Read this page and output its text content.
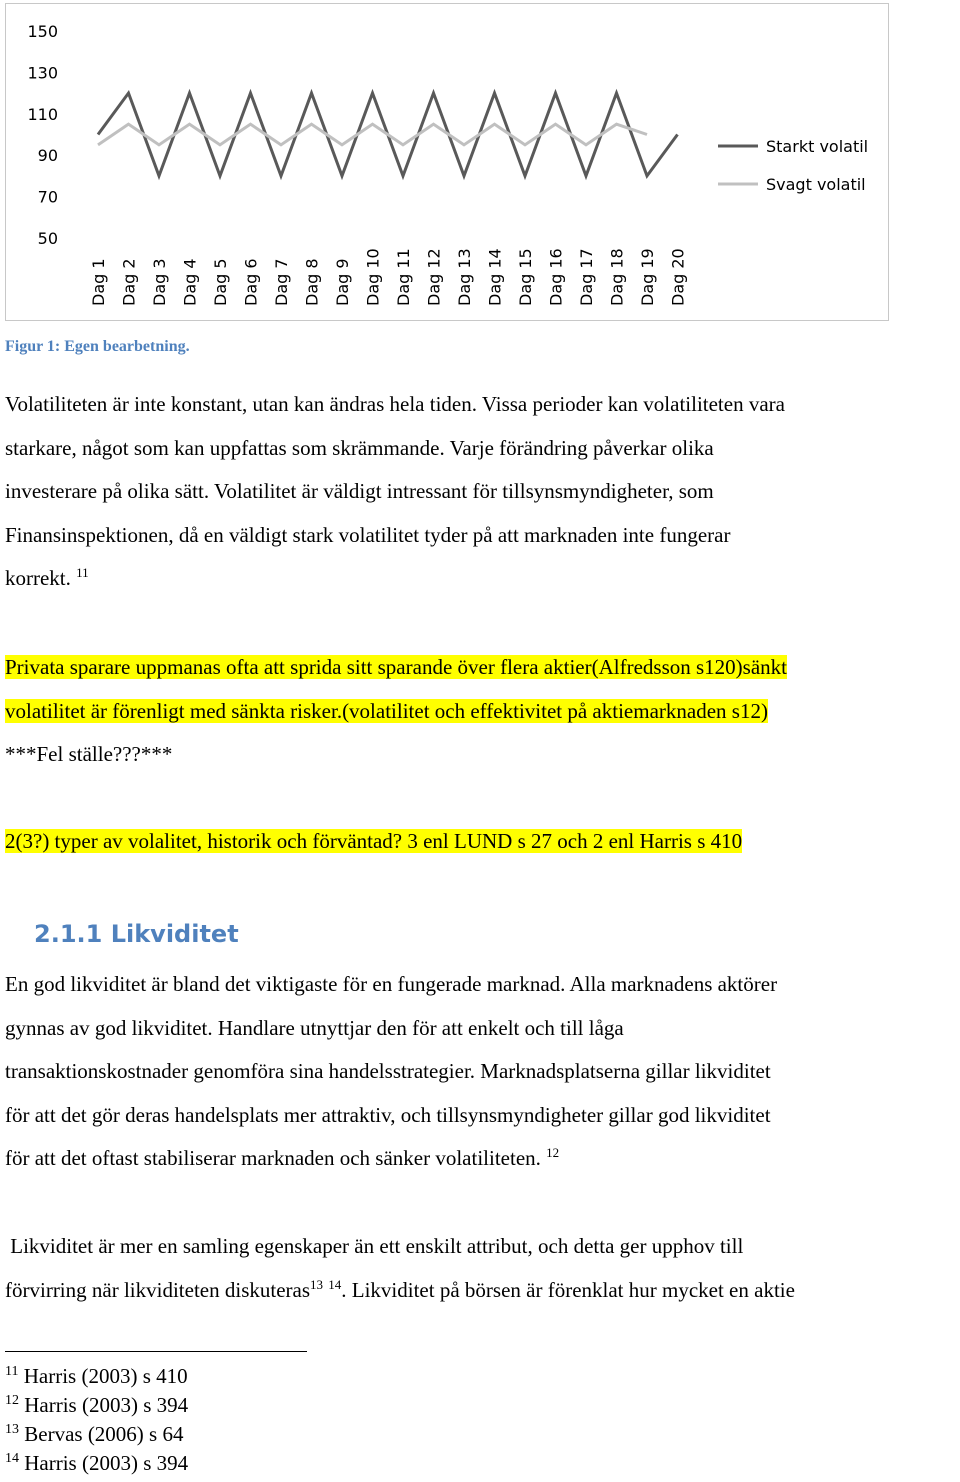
50
70
90
110
130
150
Dag 1 Dag 2 Dag 3 Dag 4 Dag 5 Dag 6 Dag 7 Dag 8 Dag 9 Dag 10 Dag 11 Dag 12 Dag 13 Dag 14 Dag 15 Dag 16 Dag 17 Dag 18 Dag 19 Dag 20
Starkt volatil
Svagt volatil
Figur 1: Egen bearbetning.
Volatiliteten är inte konstant, utan kan ändras hela tiden. Vissa perioder kan volatiliteten vara
starkare, något som kan uppfattas som skrämmande. Varje förändring påverkar olika
investerare på olika sätt. Volatilitet är väldigt intressant för tillsynsmyndigheter, som
Finansinspektionen, då en väldigt stark volatilitet tyder på att marknaden inte fungerar
korrekt. $^{11}$
Privata sparare uppmanas ofta att sprida sitt sparande över flera aktier(Alfredsson s120)sänkt
volatilitet är förenligt med sänkta risker.(volatilitet och effektivitet på aktiemarknaden s12)
***Fel ställe???***
2(3?) typer av volalitet, historik och förväntad? 3 enl LUND s 27 och 2 enl Harris s 410
2.1.1 Likviditet
En god likviditet är bland det viktigaste för en fungerade marknad. Alla marknadens aktörer
gynnas av god likviditet. Handlare utnyttjar den för att enkelt och till låga
transaktionskostnader genomföra sina handelsstrategier. Marknadsplatserna gillar likviditet
för att det gör deras handelsplats mer attraktiv, och tillsynsmyndigheter gillar god likviditet
för att det oftast stabiliserar marknaden och sänker volatiliteten. $^{12}$
Likviditet är mer en samling egenskaper än ett enskilt attribut, och detta ger upphov till
förvirring när likviditeten diskuteras$^{13}$ $^{14}$. Likviditet på börsen är förenklat hur mycket en aktie
$^{11}$ Harris (2003) s 410
$^{12}$ Harris (2003) s 394
$^{13}$ Bervas (2006) s 64
$^{14}$ Harris (2003) s 394
